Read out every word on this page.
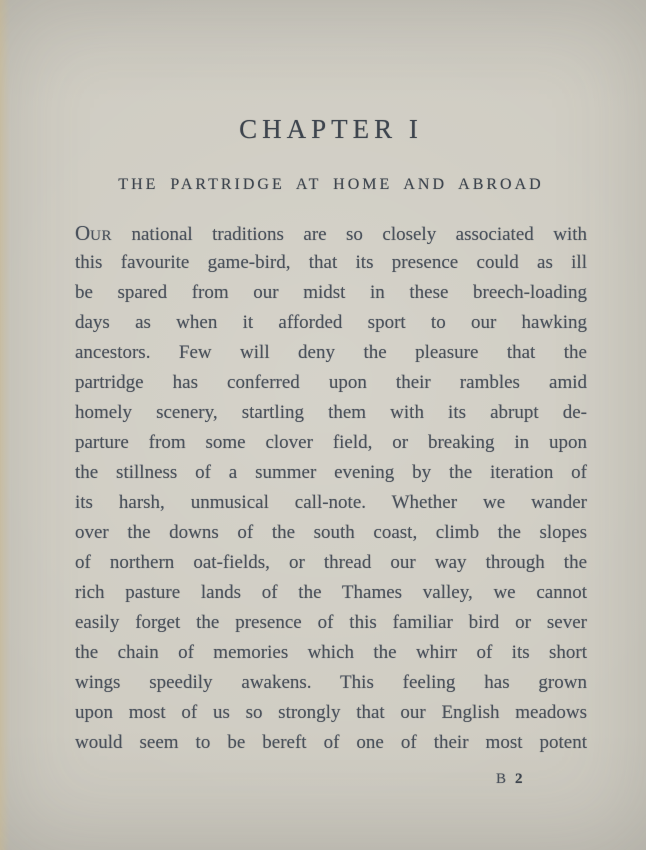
CHAPTER I
THE PARTRIDGE AT HOME AND ABROAD
OUR national traditions are so closely associated with
this favourite game-bird, that its presence could as ill
be spared from our midst in these breech-loading
days as when it afforded sport to our hawking
ancestors. Few will deny the pleasure that the
partridge has conferred upon their rambles amid
homely scenery, startling them with its abrupt de-
parture from some clover field, or breaking in upon
the stillness of a summer evening by the iteration of
its harsh, unmusical call-note. Whether we wander
over the downs of the south coast, climb the slopes
of northern oat-fields, or thread our way through the
rich pasture lands of the Thames valley, we cannot
easily forget the presence of this familiar bird or sever
the chain of memories which the whirr of its short
wings speedily awakens. This feeling has grown
upon most of us so strongly that our English meadows
would seem to be bereft of one of their most potent
B 2
